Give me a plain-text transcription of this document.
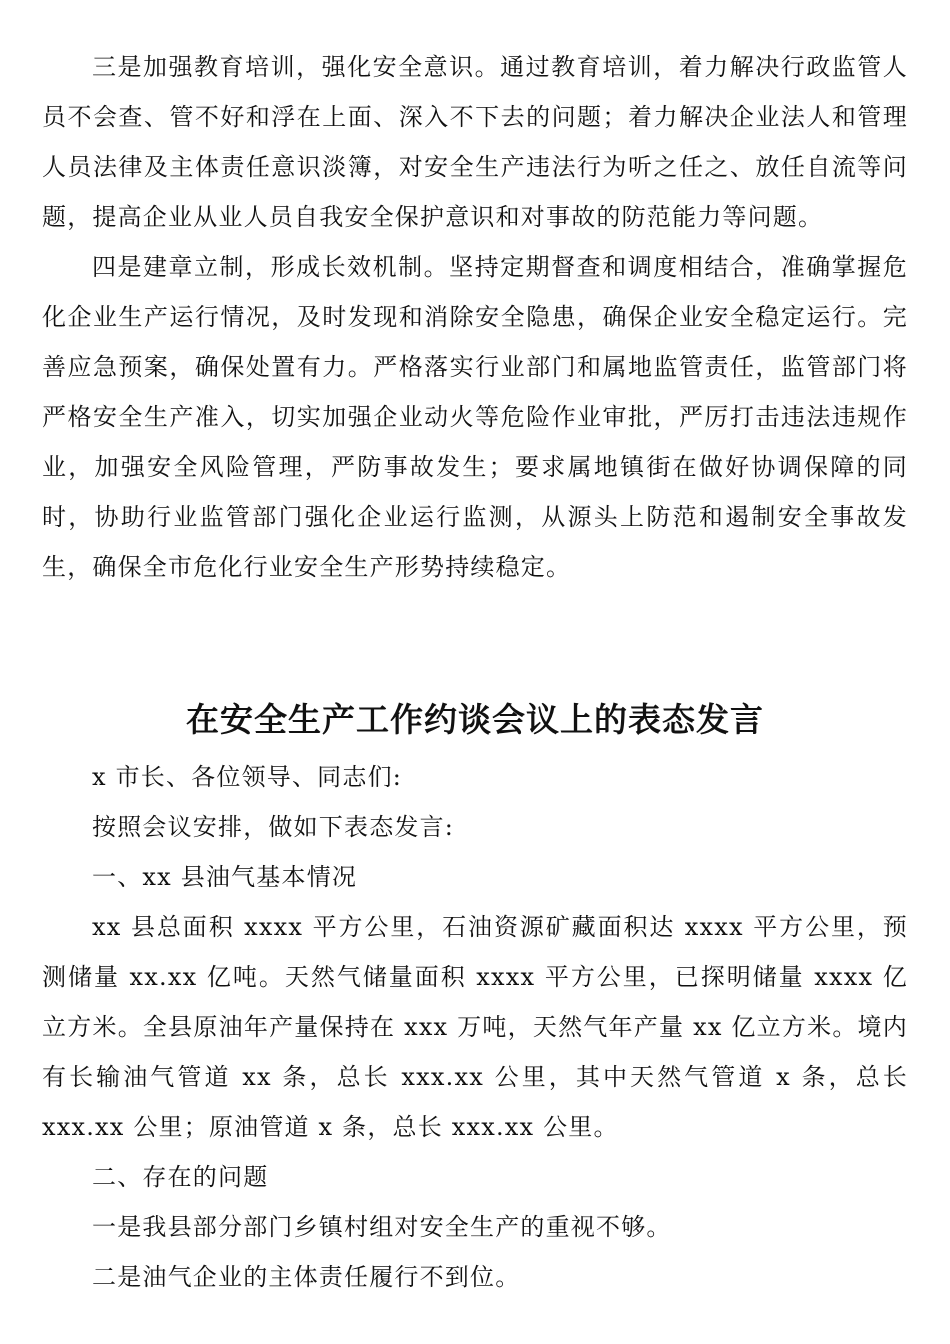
三是加强教育培训，强化安全意识。通过教育培训，着力解决行政监管人员不会查、管不好和浮在上面、深入不下去的问题；着力解决企业法人和管理人员法律及主体责任意识淡簿，对安全生产违法行为听之任之、放任自流等问题，提高企业从业人员自我安全保护意识和对事故的防范能力等问题。

四是建章立制，形成长效机制。坚持定期督查和调度相结合，准确掌握危化企业生产运行情况，及时发现和消除安全隐患，确保企业安全稳定运行。完善应急预案，确保处置有力。严格落实行业部门和属地监管责任，监管部门将严格安全生产准入，切实加强企业动火等危险作业审批，严厉打击违法违规作业，加强安全风险管理，严防事故发生；要求属地镇街在做好协调保障的同时，协助行业监管部门强化企业运行监测，从源头上防范和遏制安全事故发生，确保全市危化行业安全生产形势持续稳定。

在安全生产工作约谈会议上的表态发言

x 市长、各位领导、同志们:

按照会议安排，做如下表态发言:

一、xx 县油气基本情况

xx 县总面积 xxxx 平方公里，石油资源矿藏面积达 xxxx 平方公里，预测储量 xx.xx 亿吨。天然气储量面积 xxxx 平方公里，已探明储量 xxxx 亿立方米。全县原油年产量保持在 xxx 万吨，天然气年产量 xx 亿立方米。境内有长输油气管道 xx 条，总长 xxx.xx 公里，其中天然气管道 x 条，总长 xxx.xx 公里；原油管道 x 条，总长 xxx.xx 公里。

二、存在的问题

一是我县部分部门乡镇村组对安全生产的重视不够。

二是油气企业的主体责任履行不到位。
